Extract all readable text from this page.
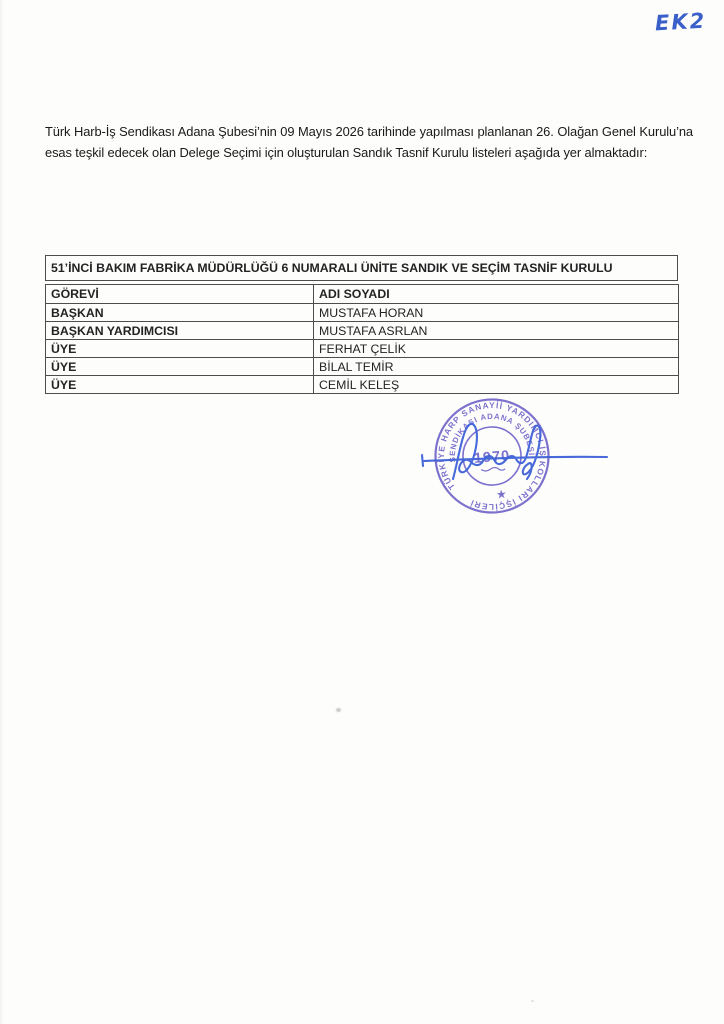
EK2
Türk Harb-İş Sendikası Adana Şubesi’nin 09 Mayıs 2026 tarihinde yapılması planlanan 26. Olağan Genel Kurulu’na
esas teşkil edecek olan Delege Seçimi için oluşturulan Sandık Tasnif Kurulu listeleri aşağıda yer almaktadır:
51’İNCİ BAKIM FABRİKA MÜDÜRLÜĞÜ 6 NUMARALI ÜNİTE SANDIK VE SEÇİM TASNİF KURULU
GÖREVİ	ADI SOYADI
BAŞKAN	MUSTAFA HORAN
BAŞKAN YARDIMCISI	MUSTAFA ASRLAN
ÜYE	FERHAT ÇELİK
ÜYE	BİLAL TEMİR
ÜYE	CEMİL KELEŞ
TÜRKİYE HARP SANAYİİ YARDIMCI İŞ KOLLARI İŞÇİLERİ
SENDİKASI ADANA ŞUBESİ
1970
★
